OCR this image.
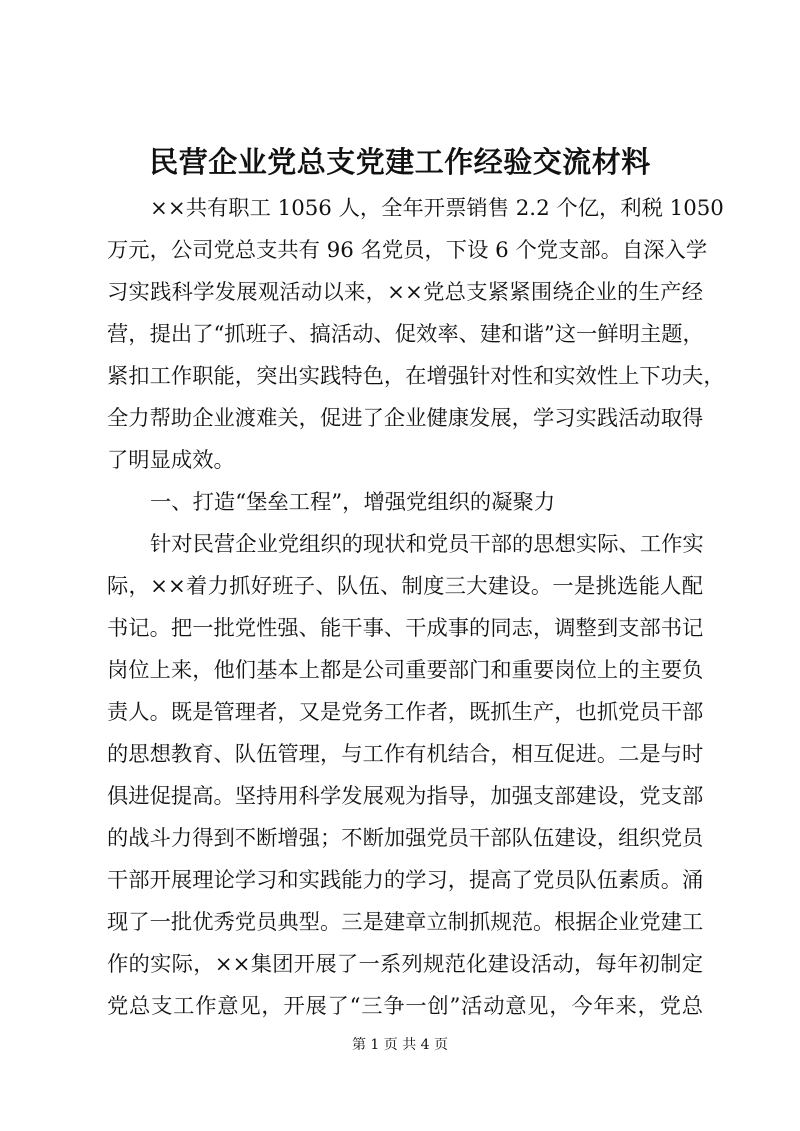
民营企业党总支党建工作经验交流材料
××共有职工 1056 人，全年开票销售 2.2 个亿，利税 1050
万元，公司党总支共有 96 名党员，下设 6 个党支部。自深入学
习实践科学发展观活动以来，××党总支紧紧围绕企业的生产经
营，提出了“抓班子、搞活动、促效率、建和谐”这一鲜明主题，
紧扣工作职能，突出实践特色，在增强针对性和实效性上下功夫，
全力帮助企业渡难关，促进了企业健康发展，学习实践活动取得
了明显成效。
一、打造“堡垒工程”，增强党组织的凝聚力
针对民营企业党组织的现状和党员干部的思想实际、工作实
际，××着力抓好班子、队伍、制度三大建设。一是挑选能人配
书记。把一批党性强、能干事、干成事的同志，调整到支部书记
岗位上来，他们基本上都是公司重要部门和重要岗位上的主要负
责人。既是管理者，又是党务工作者，既抓生产，也抓党员干部
的思想教育、队伍管理，与工作有机结合，相互促进。二是与时
俱进促提高。坚持用科学发展观为指导，加强支部建设，党支部
的战斗力得到不断增强；不断加强党员干部队伍建设，组织党员
干部开展理论学习和实践能力的学习，提高了党员队伍素质。涌
现了一批优秀党员典型。三是建章立制抓规范。根据企业党建工
作的实际，××集团开展了一系列规范化建设活动，每年初制定
党总支工作意见，开展了“三争一创”活动意见，今年来，党总
第 1 页 共 4 页
